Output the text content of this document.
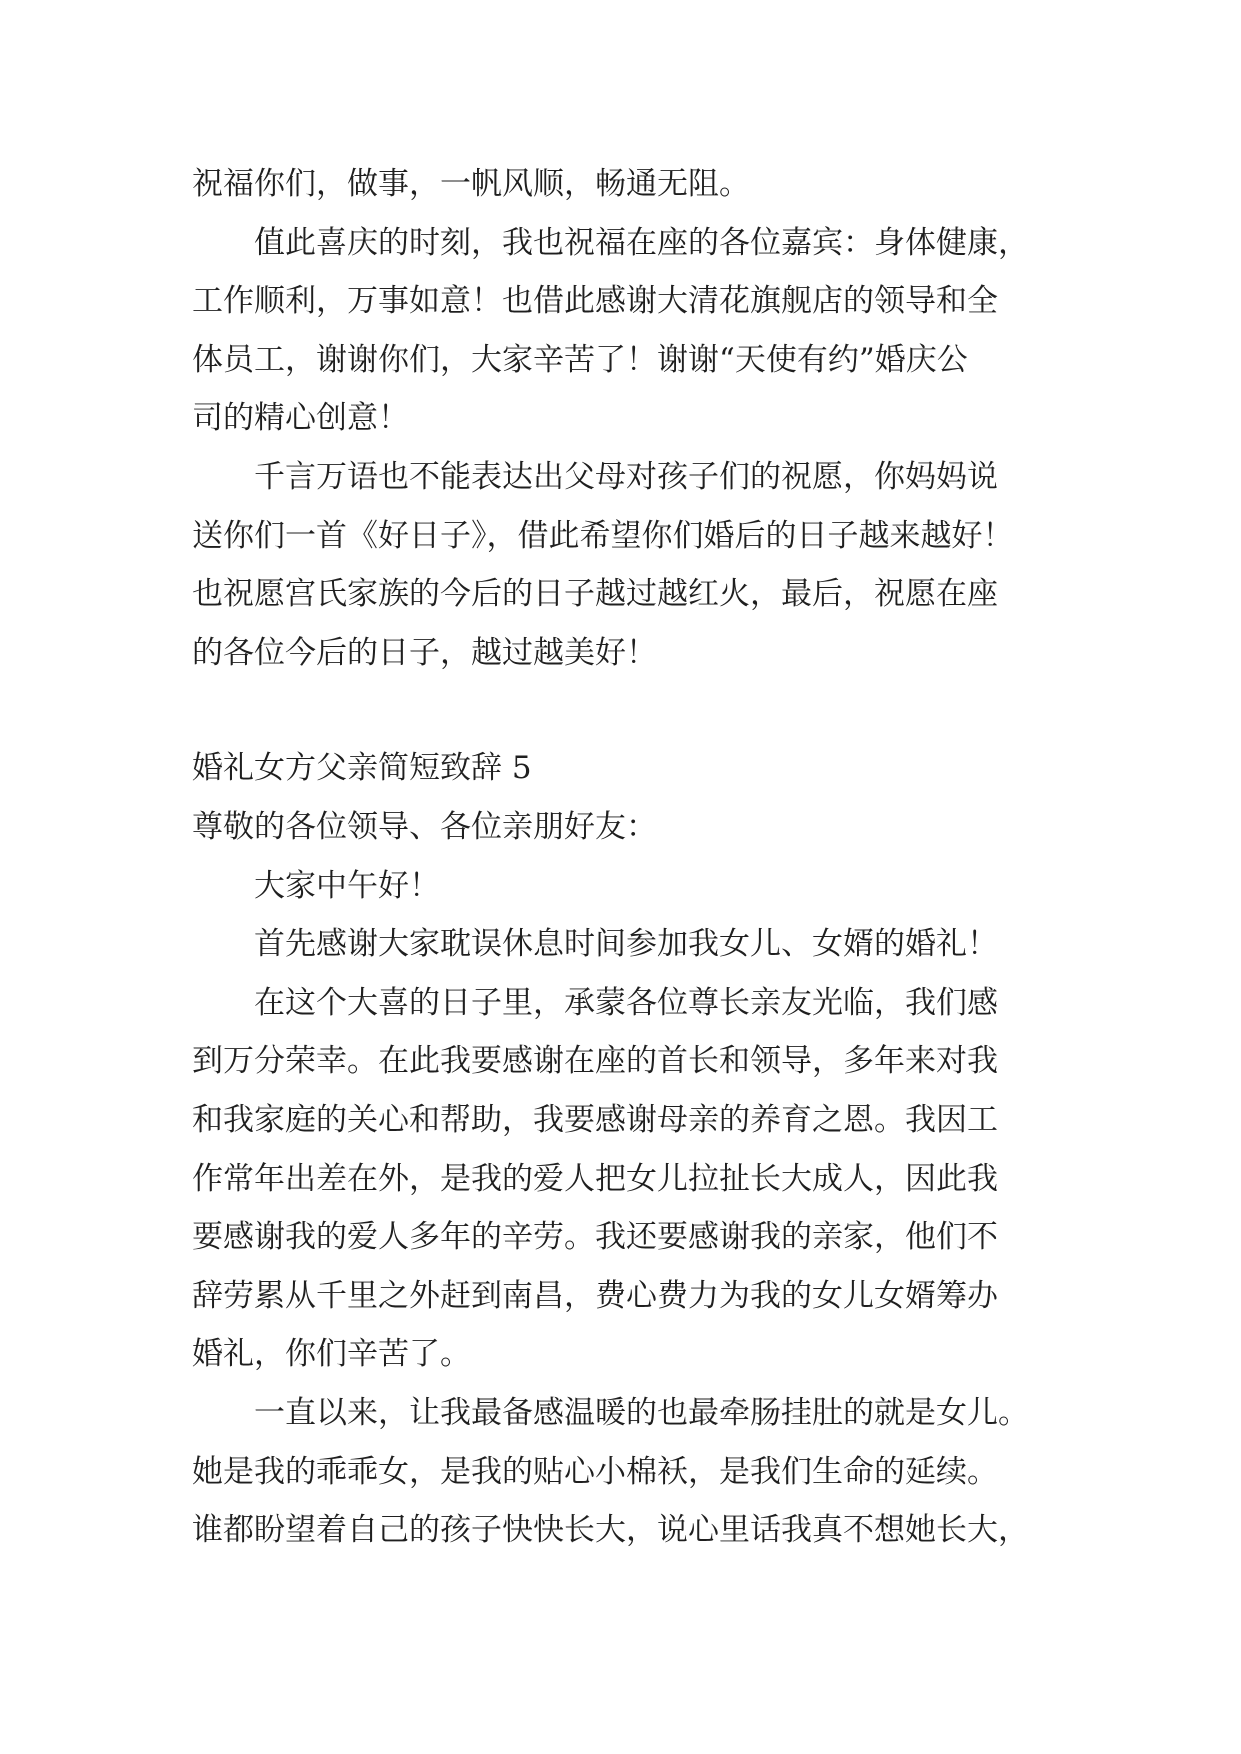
祝福你们，做事，一帆风顺，畅通无阻。
值此喜庆的时刻，我也祝福在座的各位嘉宾：身体健康，
工作顺利，万事如意！也借此感谢大清花旗舰店的领导和全
体员工，谢谢你们，大家辛苦了！谢谢“天使有约”婚庆公
司的精心创意！
千言万语也不能表达出父母对孩子们的祝愿，你妈妈说
送你们一首《好日子》，借此希望你们婚后的日子越来越好！
也祝愿宫氏家族的今后的日子越过越红火，最后，祝愿在座
的各位今后的日子，越过越美好！
婚礼女方父亲简短致辞 5
尊敬的各位领导、各位亲朋好友：
大家中午好！
首先感谢大家耽误休息时间参加我女儿、女婿的婚礼！
在这个大喜的日子里，承蒙各位尊长亲友光临，我们感
到万分荣幸。在此我要感谢在座的首长和领导，多年来对我
和我家庭的关心和帮助，我要感谢母亲的养育之恩。我因工
作常年出差在外，是我的爱人把女儿拉扯长大成人，因此我
要感谢我的爱人多年的辛劳。我还要感谢我的亲家，他们不
辞劳累从千里之外赶到南昌，费心费力为我的女儿女婿筹办
婚礼，你们辛苦了。
一直以来，让我最备感温暖的也最牵肠挂肚的就是女儿。
她是我的乖乖女，是我的贴心小棉袄，是我们生命的延续。
谁都盼望着自己的孩子快快长大，说心里话我真不想她长大，
